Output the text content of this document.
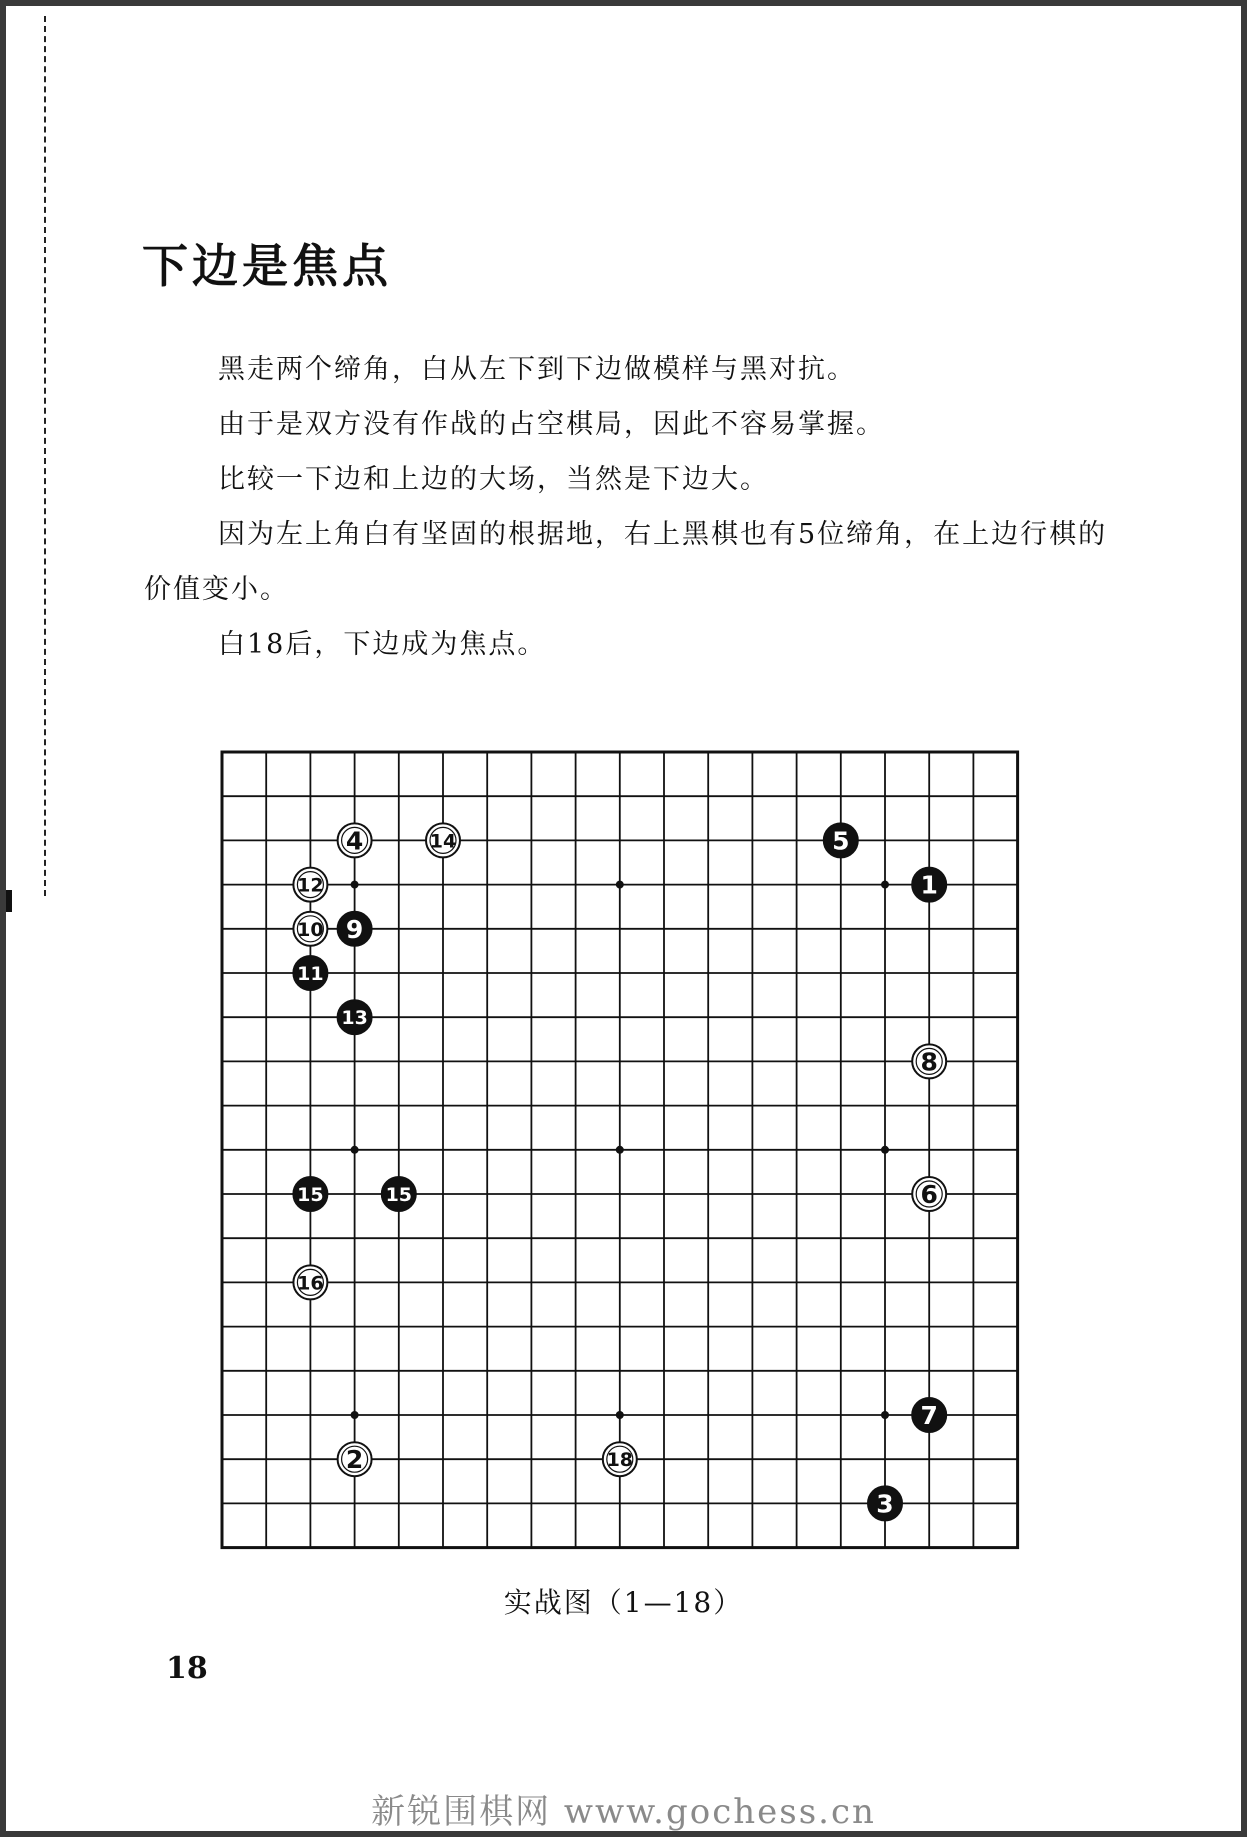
下边是焦点

黑走两个缔角，白从左下到下边做模样与黑对抗。

由于是双方没有作战的占空棋局，因此不容易掌握。

比较一下边和上边的大场，当然是下边大。

因为左上角白有坚固的根据地，右上黑棋也有5位缔角，在上边行棋的价值变小。

白18后，下边成为焦点。

1
2
3
4	5
6
7
8
9
10
11
12
13
14
15	15
16
18
实战图（1—18）
18
新锐围棋网 www.gochess.cn
